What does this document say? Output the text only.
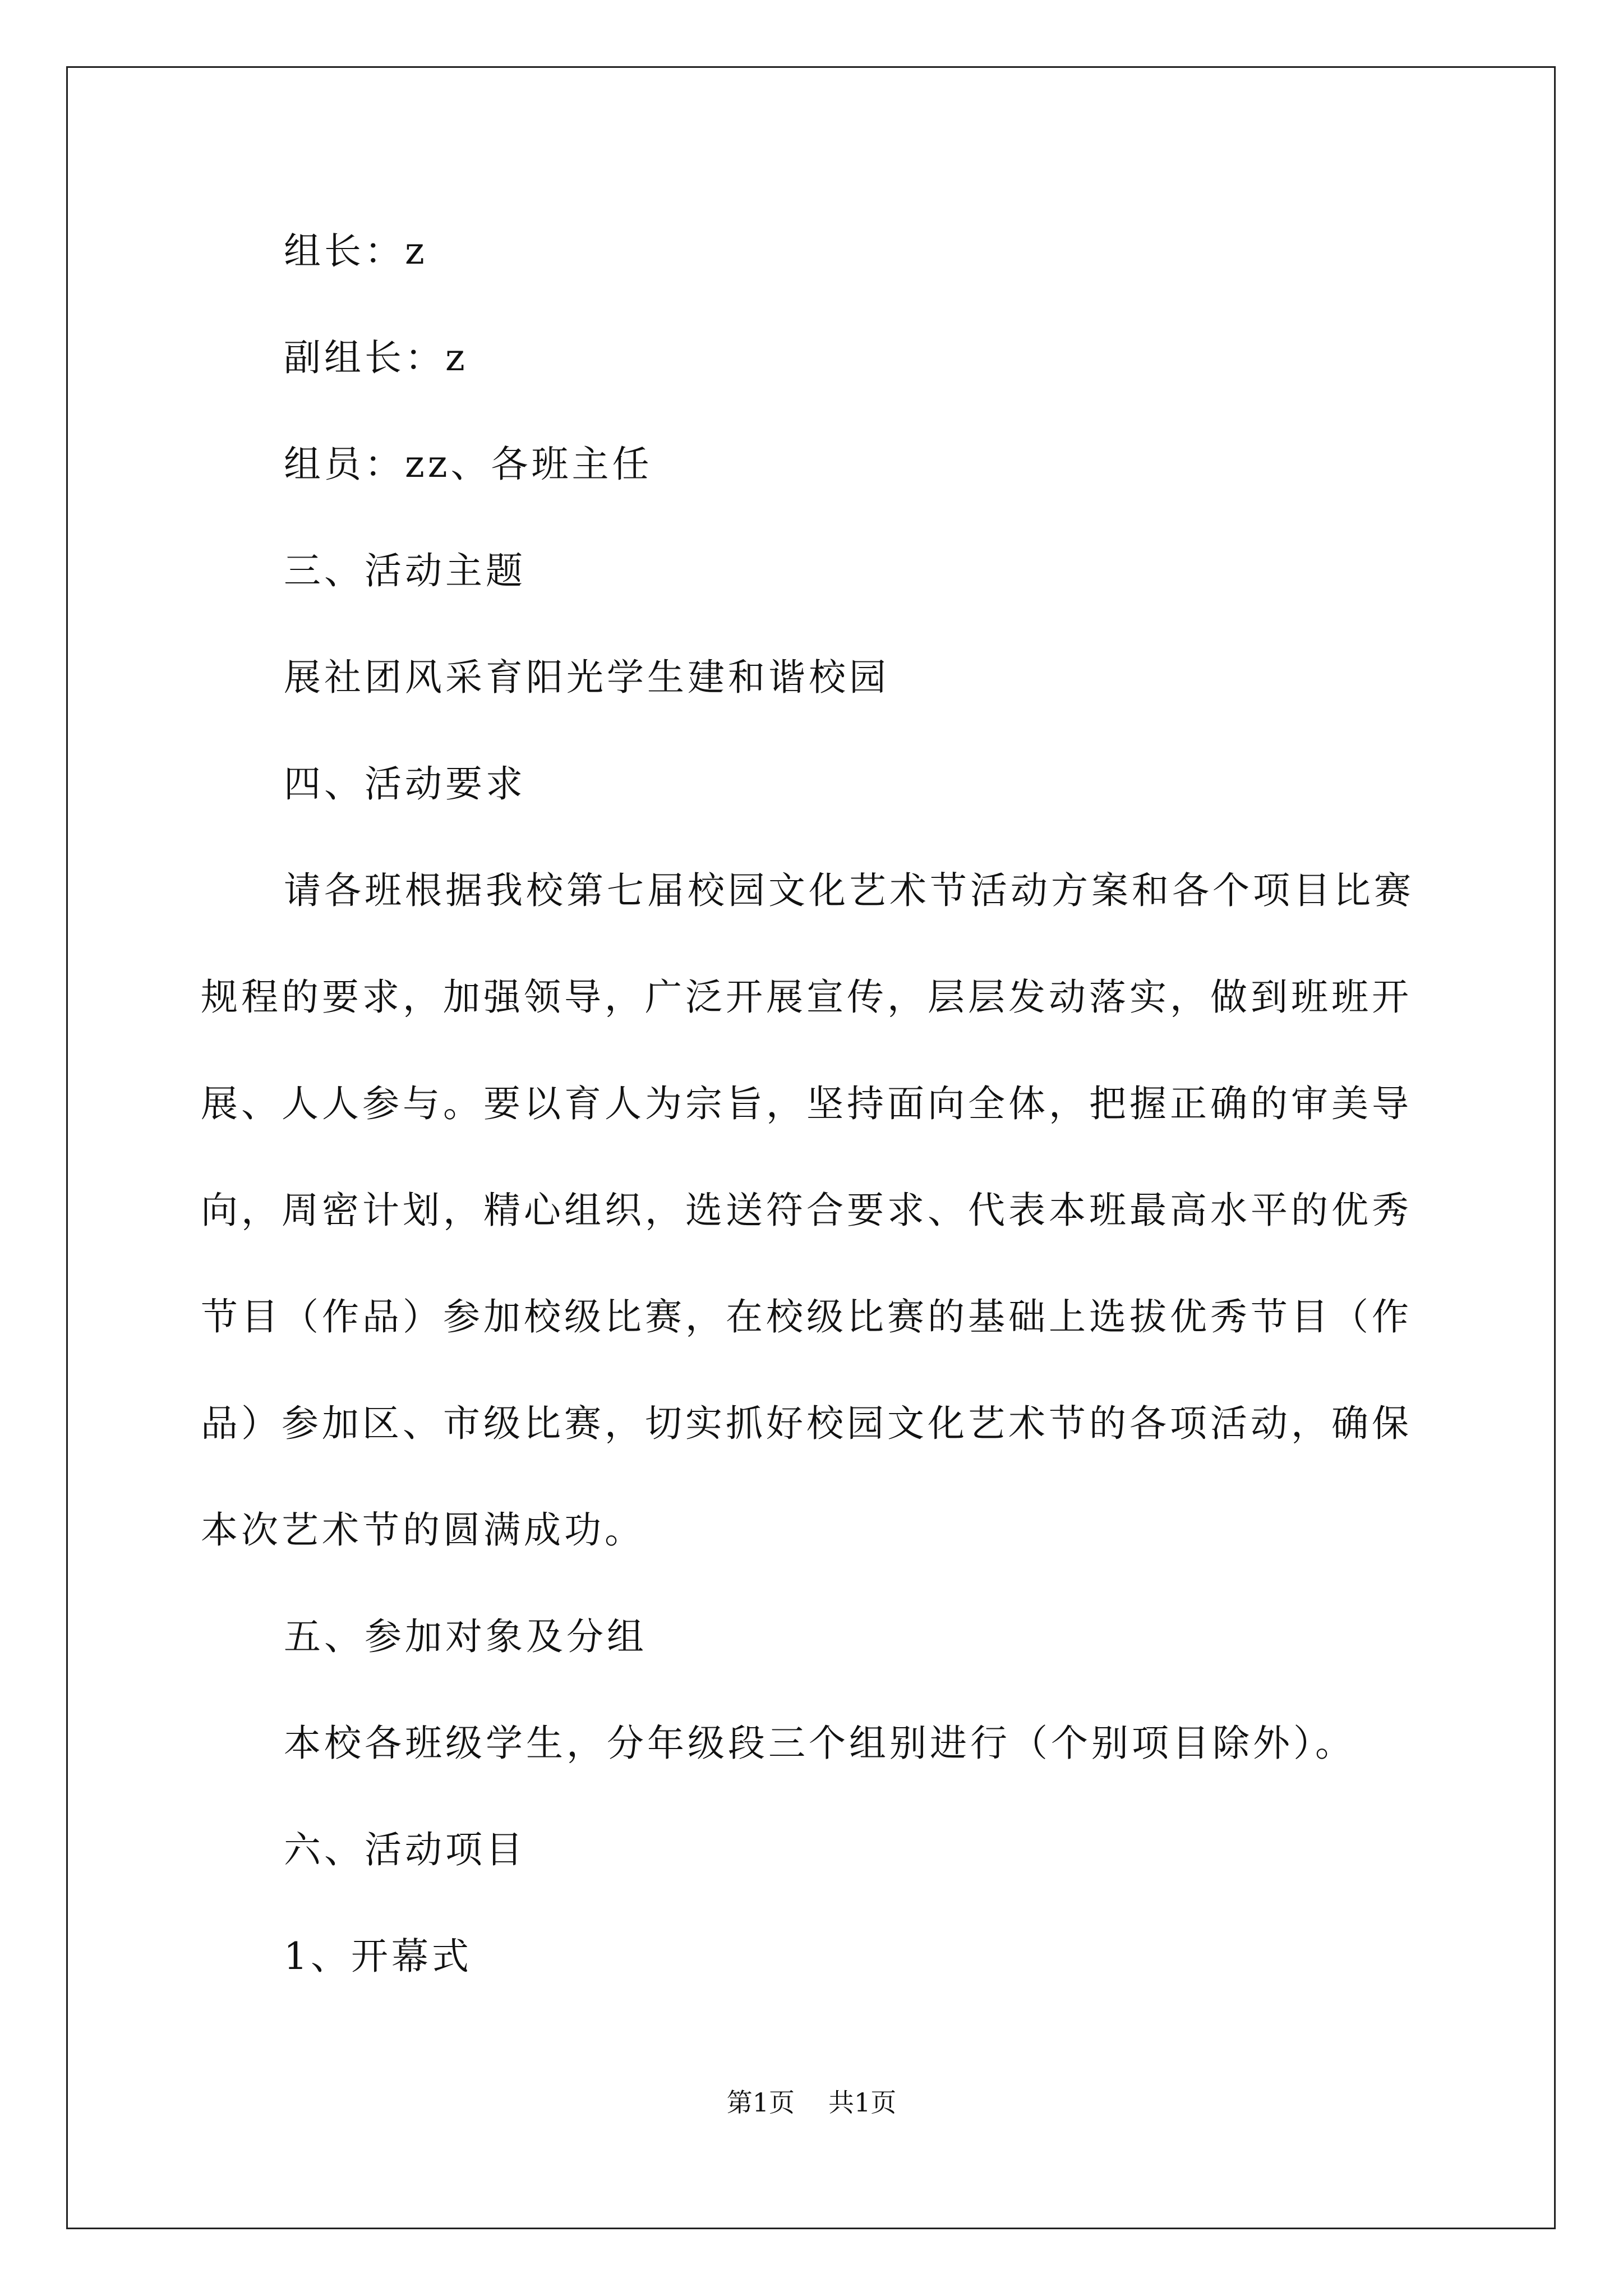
组长：z
副组长：z
组员：zz、各班主任
三、活动主题
展社团风采育阳光学生建和谐校园
四、活动要求
请各班根据我校第七届校园文化艺术节活动方案和各个项目比赛
规程的要求，加强领导，广泛开展宣传，层层发动落实，做到班班开
展、人人参与。要以育人为宗旨，坚持面向全体，把握正确的审美导
向，周密计划，精心组织，选送符合要求、代表本班最高水平的优秀
节目（作品）参加校级比赛，在校级比赛的基础上选拔优秀节目（作
品）参加区、市级比赛，切实抓好校园文化艺术节的各项活动，确保
本次艺术节的圆满成功。
五、参加对象及分组
本校各班级学生，分年级段三个组别进行（个别项目除外）。
六、活动项目
1、开幕式
第1页 共1页
